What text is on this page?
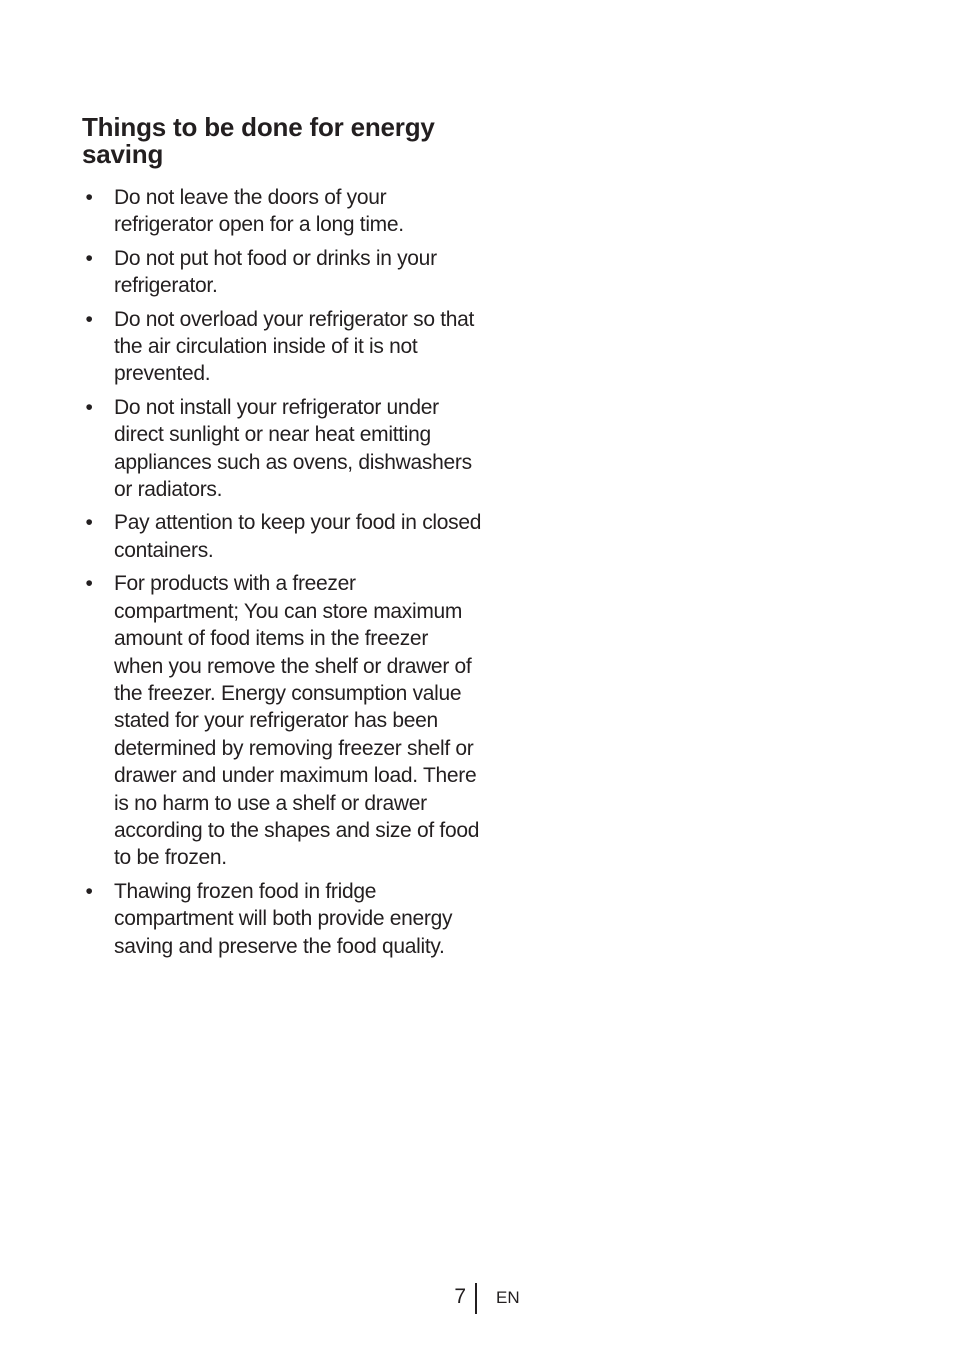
Things to be done for energy saving
• Do not leave the doors of your refrigerator open for a long time.
• Do not put hot food or drinks in your refrigerator.
• Do not overload your refrigerator so that the air circulation inside of it is not prevented.
• Do not install your refrigerator under direct sunlight or near heat emitting appliances such as ovens, dishwashers or radiators.
• Pay attention to keep your food in closed containers.
• For products with a freezer compartment; You can store maximum amount of food items in the freezer when you remove the shelf or drawer of the freezer. Energy consumption value stated for your refrigerator has been determined by removing freezer shelf or drawer and under maximum load. There is no harm to use a shelf or drawer according to the shapes and size of food to be frozen.
• Thawing frozen food in fridge compartment will both provide energy saving and preserve the food quality.
7 EN
